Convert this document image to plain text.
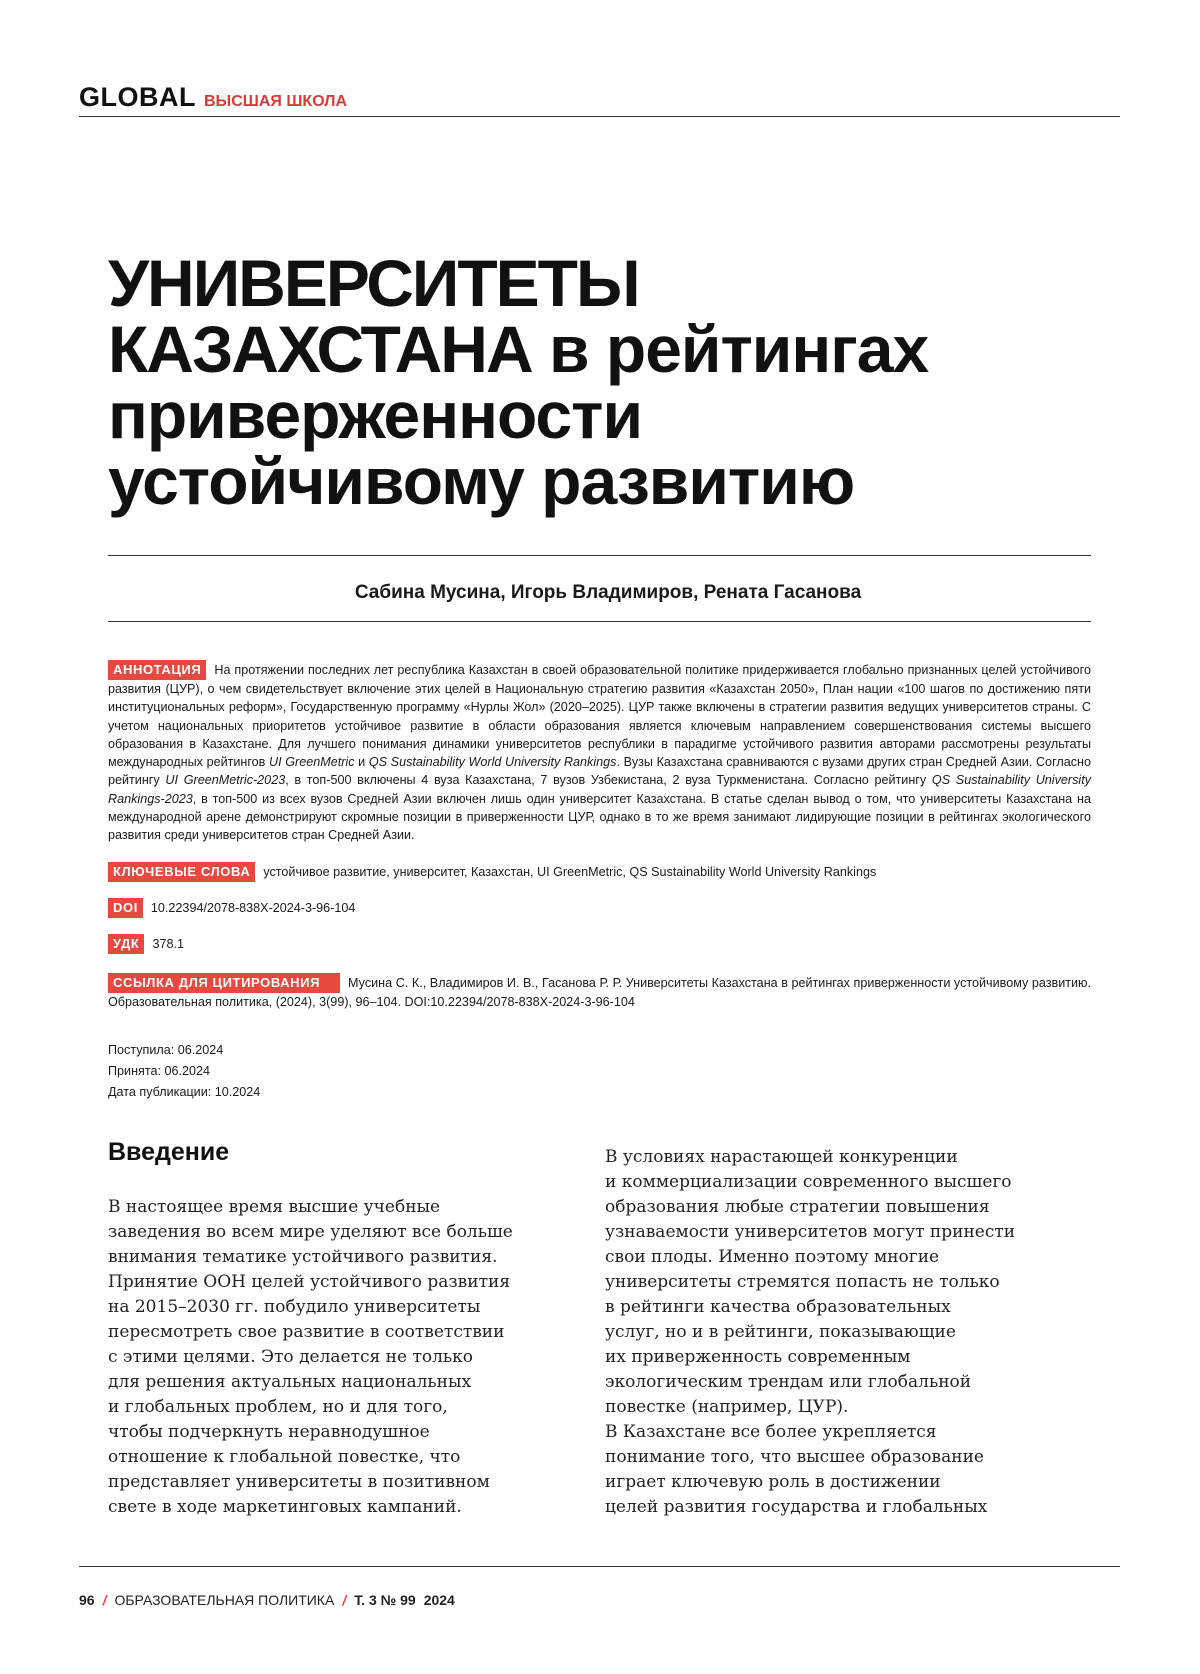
GLOBAL ВЫСШАЯ ШКОЛА
УНИВЕРСИТЕТЫ
КАЗАХСТАНА в рейтингах
приверженности
устойчивому развитию
Сабина Мусина, Игорь Владимиров, Рената Гасанова
АННОТАЦИЯ На протяжении последних лет республика Казахстан в своей образовательной политике придерживается глобально признанных целей устойчивого развития (ЦУР), о чем свидетельствует включение этих целей в Национальную стратегию развития «Казахстан 2050», План нации «100 шагов по достижению пяти институциональных реформ», Государственную программу «Нурлы Жол» (2020–2025). ЦУР также включены в стратегии развития ведущих университетов страны. С учетом национальных приоритетов устойчивое развитие в области образования является ключевым направлением совершенствования системы высшего образования в Казахстане. Для лучшего понимания динамики университетов республики в парадигме устойчивого развития авторами рассмотрены результаты международных рейтингов UI GreenMetric и QS Sustainability World University Rankings. Вузы Казахстана сравниваются с вузами других стран Средней Азии. Согласно рейтингу UI GreenMetric-2023, в топ-500 включены 4 вуза Казахстана, 7 вузов Узбекистана, 2 вуза Туркменистана. Согласно рейтингу QS Sustainability University Rankings-2023, в топ-500 из всех вузов Средней Азии включен лишь один университет Казахстана. В статье сделан вывод о том, что университеты Казахстана на международной арене демонстрируют скромные позиции в приверженности ЦУР, однако в то же время занимают лидирующие позиции в рейтингах экологического развития среди университетов стран Средней Азии.
КЛЮЧЕВЫЕ СЛОВА устойчивое развитие, университет, Казахстан, UI GreenMetric, QS Sustainability World University Rankings
DOI 10.22394/2078-838X-2024-3-96-104
УДК 378.1
ССЫЛКА ДЛЯ ЦИТИРОВАНИЯ Мусина С. К., Владимиров И. В., Гасанова Р. Р. Университеты Казахстана в рейтингах приверженности устойчивому развитию. Образовательная политика, (2024), 3(99), 96–104. DOI:10.22394/2078-838X-2024-3-96-104
Поступила: 06.2024
Принята: 06.2024
Дата публикации: 10.2024
Введение

В настоящее время высшие учебные
заведения во всем мире уделяют все больше
внимания тематике устойчивого развития.
Принятие ООН целей устойчивого развития
на 2015–2030 гг. побудило университеты
пересмотреть свое развитие в соответствии
с этими целями. Это делается не только
для решения актуальных национальных
и глобальных проблем, но и для того,
чтобы подчеркнуть неравнодушное
отношение к глобальной повестке, что
представляет университеты в позитивном
свете в ходе маркетинговых кампаний.

В условиях нарастающей конкуренции
и коммерциализации современного высшего
образования любые стратегии повышения
узнаваемости университетов могут принести
свои плоды. Именно поэтому многие
университеты стремятся попасть не только
в рейтинги качества образовательных
услуг, но и в рейтинги, показывающие
их приверженность современным
экологическим трендам или глобальной
повестке (например, ЦУР).

В Казахстане все более укрепляется
понимание того, что высшее образование
играет ключевую роль в достижении
целей развития государства и глобальных

96 / ОБРАЗОВАТЕЛЬНАЯ ПОЛИТИКА / Т. 3 № 99 2024
